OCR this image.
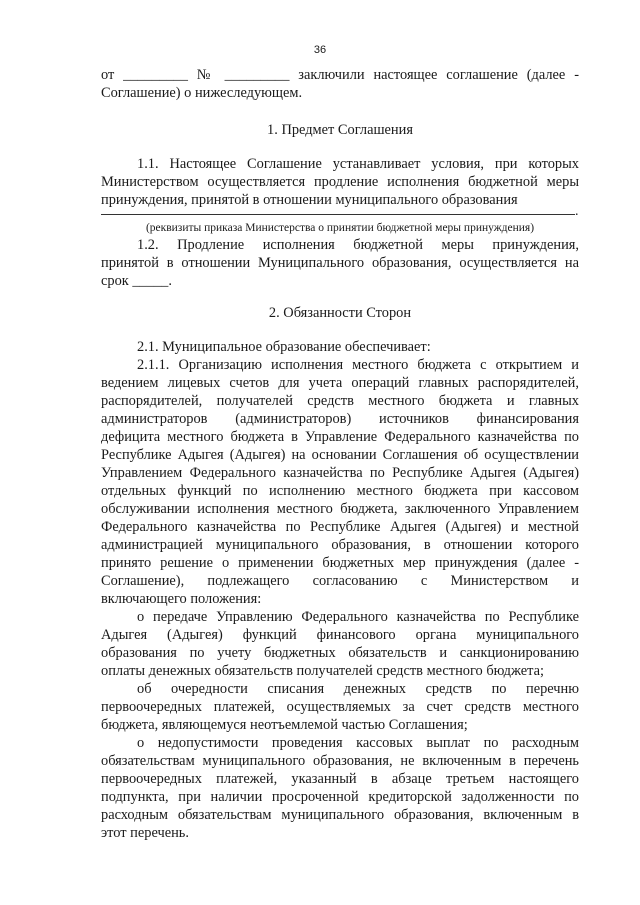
36
от _________ № _________ заключили настоящее соглашение (далее -
Соглашение) о нижеследующем.
1. Предмет Соглашения
1.1. Настоящее Соглашение устанавливает условия, при которых
Министерством осуществляется продление исполнения бюджетной меры
принуждения, принятой в отношении муниципального образования
.
(реквизиты приказа Министерства о принятии бюджетной меры принуждения)
1.2. Продление исполнения бюджетной меры принуждения,
принятой в отношении Муниципального образования, осуществляется на
срок _____.
2. Обязанности Сторон
2.1. Муниципальное образование обеспечивает:
2.1.1. Организацию исполнения местного бюджета с открытием и
ведением лицевых счетов для учета операций главных распорядителей,
распорядителей, получателей средств местного бюджета и главных
администраторов (администраторов) источников финансирования
дефицита местного бюджета в Управление Федерального казначейства по
Республике Адыгея (Адыгея) на основании Соглашения об осуществлении
Управлением Федерального казначейства по Республике Адыгея (Адыгея)
отдельных функций по исполнению местного бюджета при кассовом
обслуживании исполнения местного бюджета, заключенного Управлением
Федерального казначейства по Республике Адыгея (Адыгея) и местной
администрацией муниципального образования, в отношении которого
принято решение о применении бюджетных мер принуждения (далее -
Соглашение), подлежащего согласованию с Министерством и
включающего положения:
о передаче Управлению Федерального казначейства по Республике
Адыгея (Адыгея) функций финансового органа муниципального
образования по учету бюджетных обязательств и санкционированию
оплаты денежных обязательств получателей средств местного бюджета;
об очередности списания денежных средств по перечню
первоочередных платежей, осуществляемых за счет средств местного
бюджета, являющемуся неотъемлемой частью Соглашения;
о недопустимости проведения кассовых выплат по расходным
обязательствам муниципального образования, не включенным в перечень
первоочередных платежей, указанный в абзаце третьем настоящего
подпункта, при наличии просроченной кредиторской задолженности по
расходным обязательствам муниципального образования, включенным в
этот перечень.
